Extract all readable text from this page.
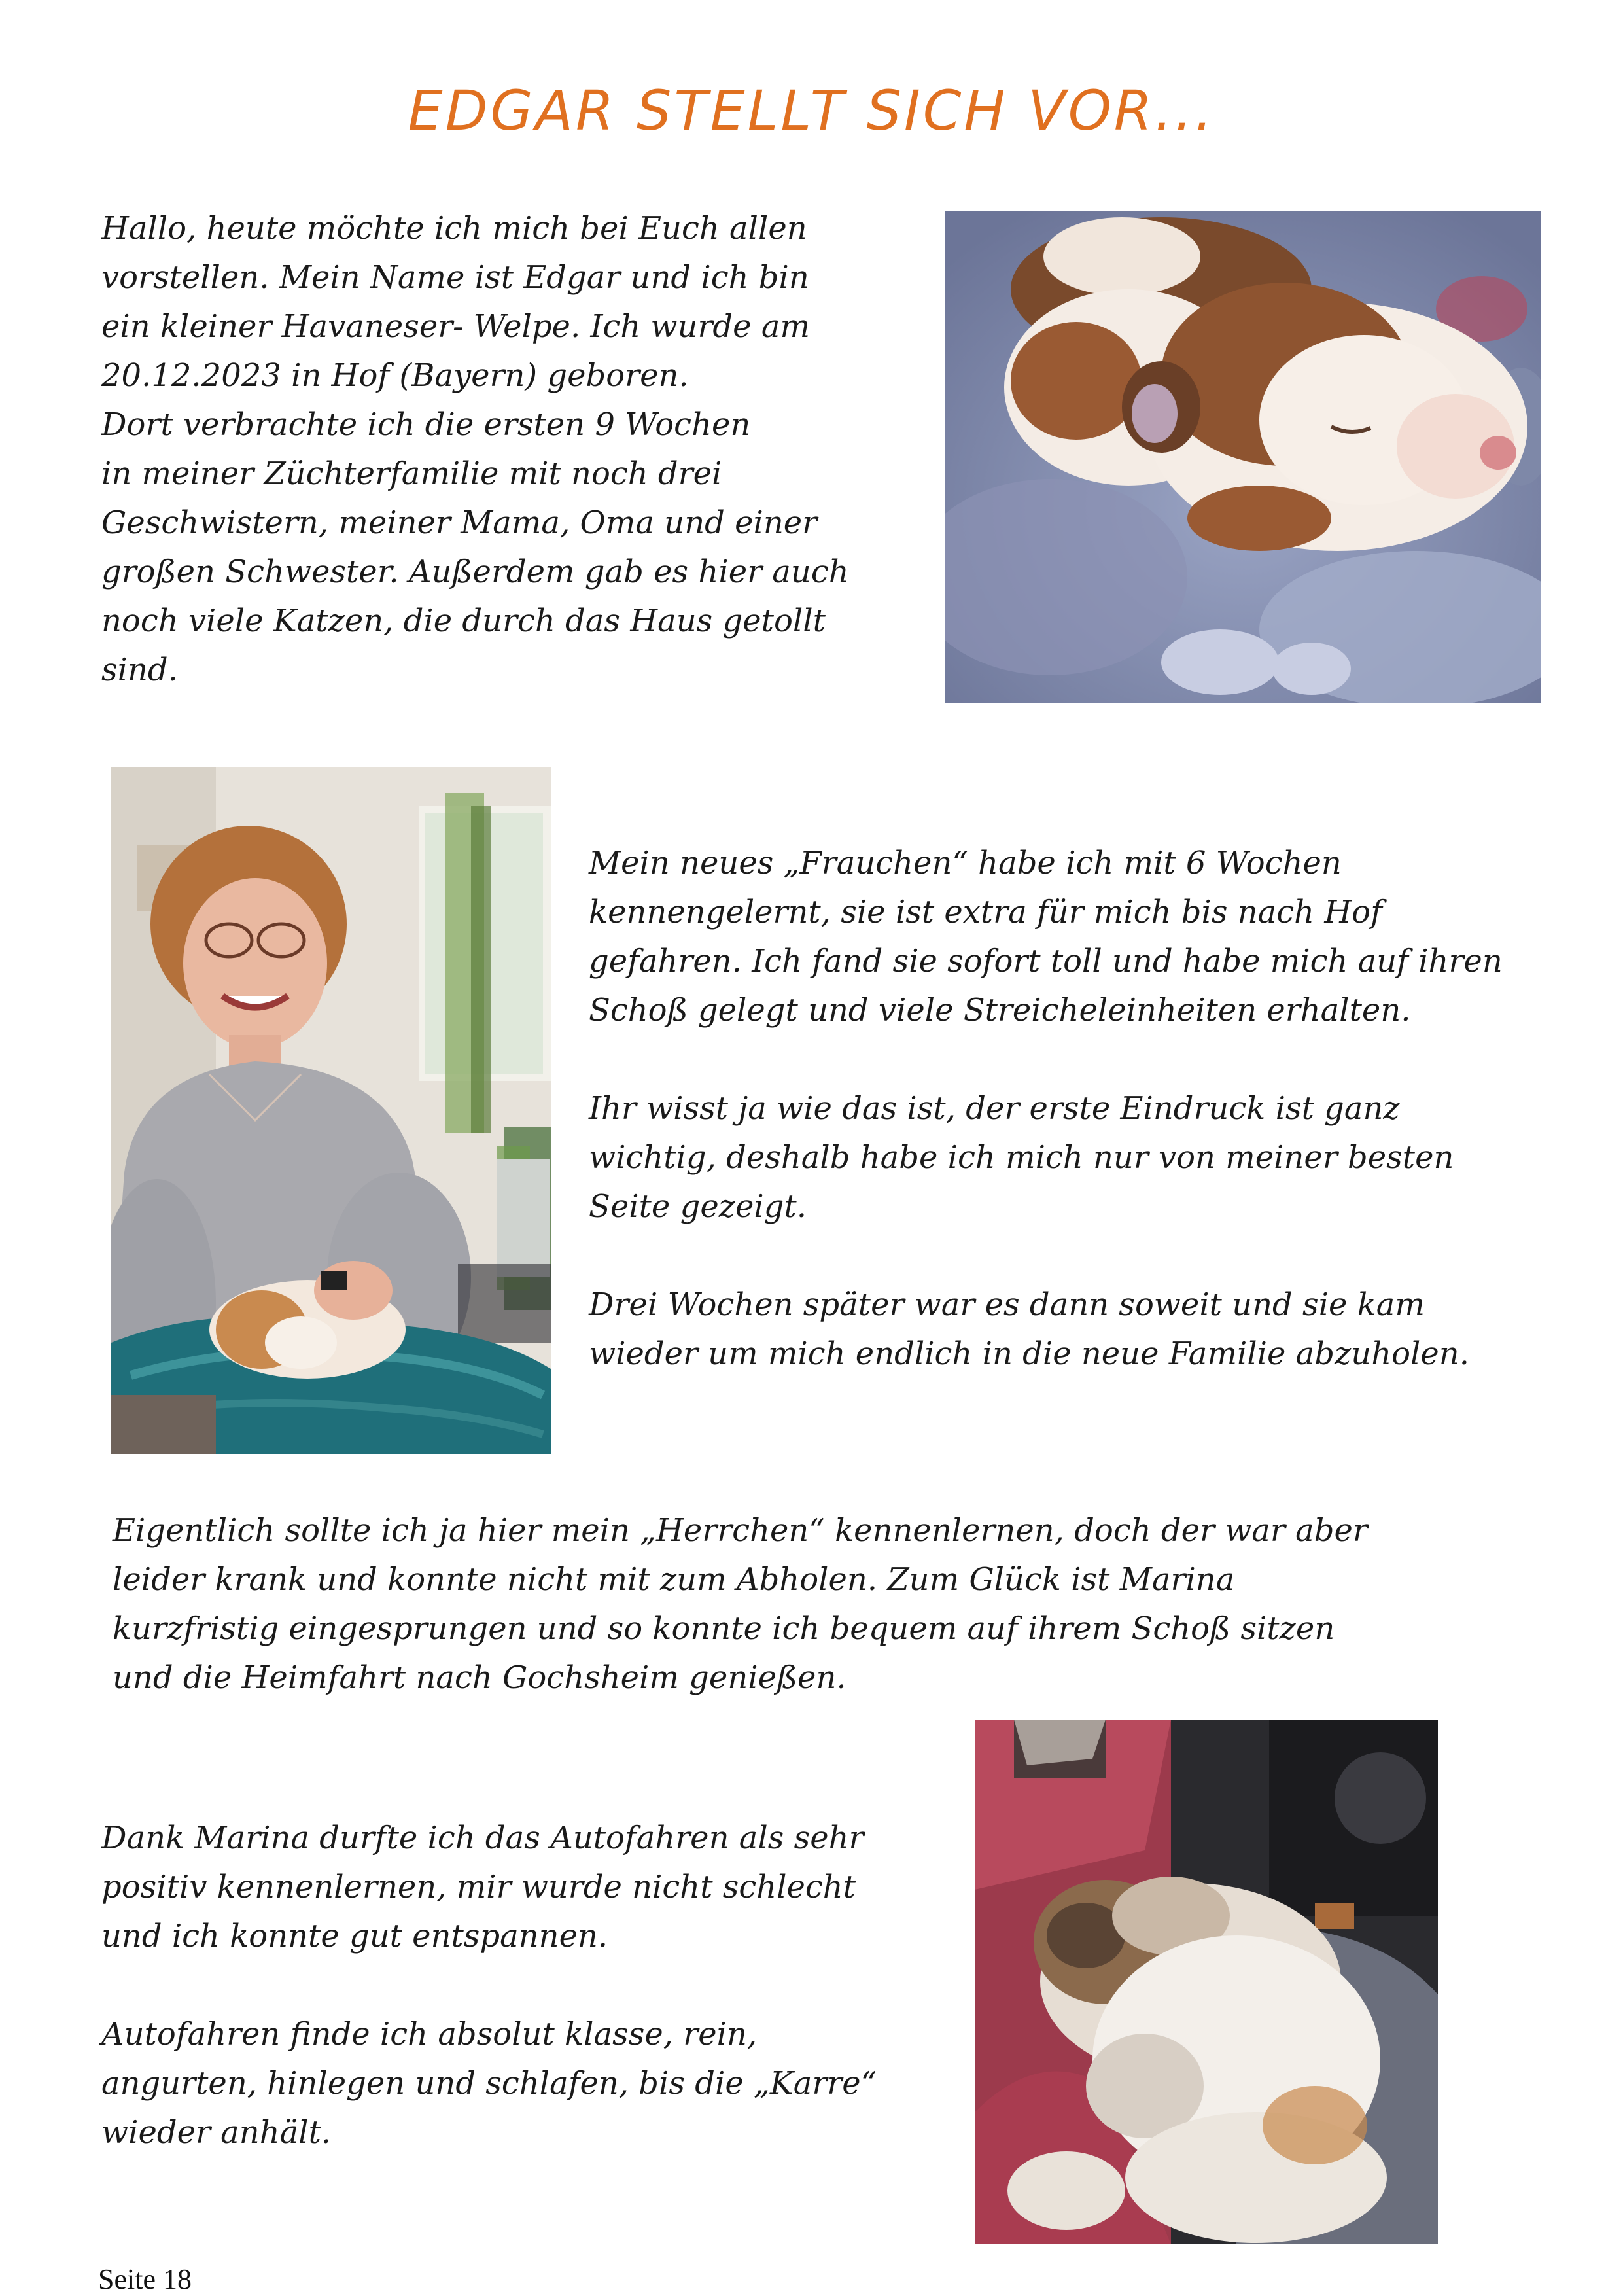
EDGAR STELLT SICH VOR...
Hallo, heute möchte ich mich bei Euch allen
vorstellen. Mein Name ist Edgar und ich bin
ein kleiner Havaneser- Welpe. Ich wurde am
20.12.2023 in Hof (Bayern) geboren.
Dort verbrachte ich die ersten 9 Wochen
in meiner Züchterfamilie mit noch drei
Geschwistern, meiner Mama, Oma und einer
großen Schwester. Außerdem gab es hier auch
noch viele Katzen, die durch das Haus getollt
sind.
Mein neues „Frauchen“ habe ich mit 6 Wochen
kennengelernt, sie ist extra für mich bis nach Hof
gefahren. Ich fand sie sofort toll und habe mich auf ihren
Schoß gelegt und viele Streicheleinheiten erhalten.
Ihr wisst ja wie das ist, der erste Eindruck ist ganz
wichtig, deshalb habe ich mich nur von meiner besten
Seite gezeigt.
Drei Wochen später war es dann soweit und sie kam
wieder um mich endlich in die neue Familie abzuholen.
Eigentlich sollte ich ja hier mein „Herrchen“ kennenlernen, doch der war aber
leider krank und konnte nicht mit zum Abholen. Zum Glück ist Marina
kurzfristig eingesprungen und so konnte ich bequem auf ihrem Schoß sitzen
und die Heimfahrt nach Gochsheim genießen.
Dank Marina durfte ich das Autofahren als sehr
positiv kennenlernen, mir wurde nicht schlecht
und ich konnte gut entspannen.
Autofahren finde ich absolut klasse, rein,
angurten, hinlegen und schlafen, bis die „Karre“
wieder anhält.
Seite 18
